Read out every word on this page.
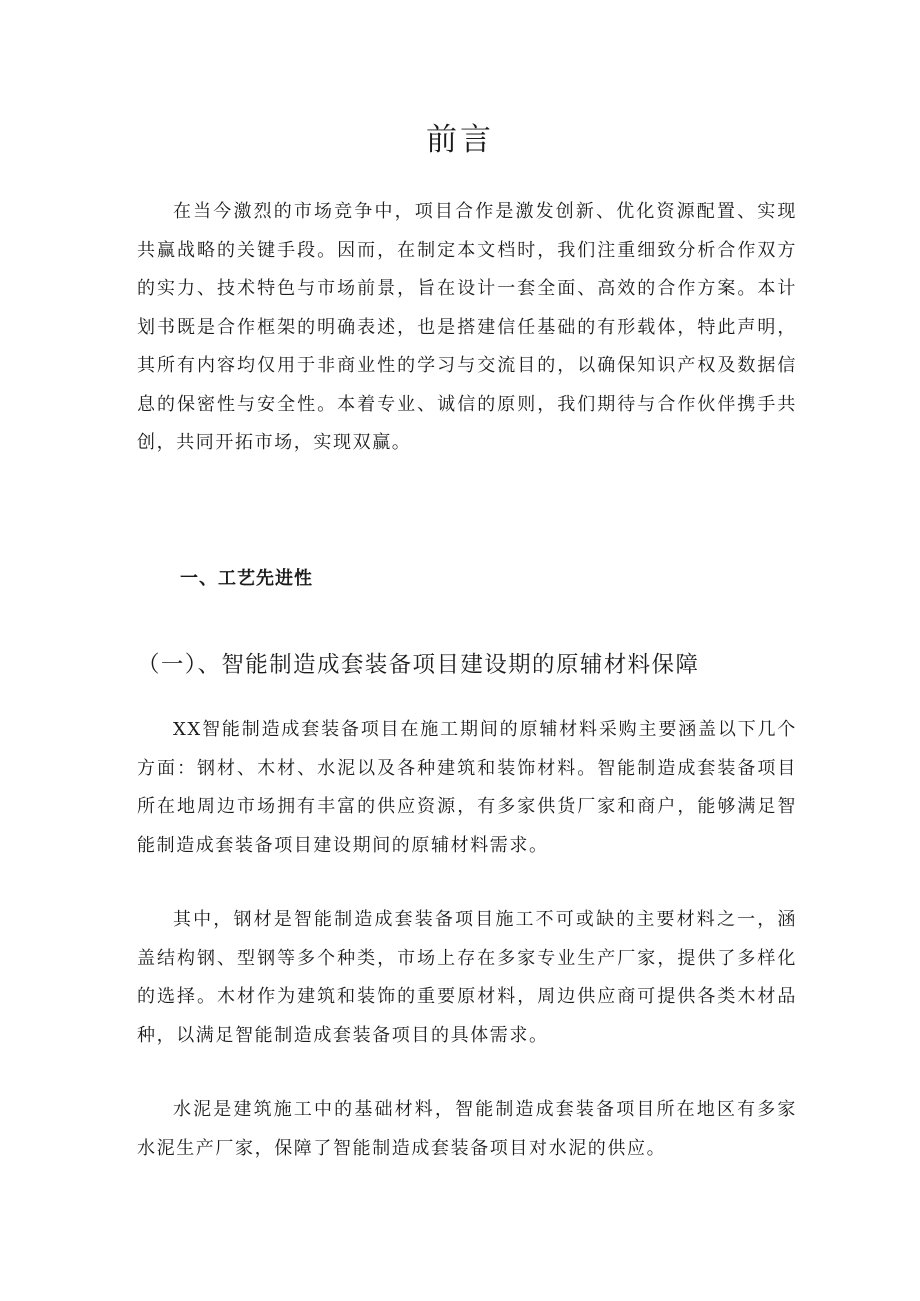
前言

在当今激烈的市场竞争中，项目合作是激发创新、优化资源配置、实现共赢战略的关键手段。因而，在制定本文档时，我们注重细致分析合作双方的实力、技术特色与市场前景，旨在设计一套全面、高效的合作方案。本计划书既是合作框架的明确表述，也是搭建信任基础的有形载体，特此声明，其所有内容均仅用于非商业性的学习与交流目的，以确保知识产权及数据信息的保密性与安全性。本着专业、诚信的原则，我们期待与合作伙伴携手共创，共同开拓市场，实现双赢。

一、工艺先进性
（一）、智能制造成套装备项目建设期的原辅材料保障

XX智能制造成套装备项目在施工期间的原辅材料采购主要涵盖以下几个方面：钢材、木材、水泥以及各种建筑和装饰材料。智能制造成套装备项目所在地周边市场拥有丰富的供应资源，有多家供货厂家和商户，能够满足智能制造成套装备项目建设期间的原辅材料需求。

其中，钢材是智能制造成套装备项目施工不可或缺的主要材料之一，涵盖结构钢、型钢等多个种类，市场上存在多家专业生产厂家，提供了多样化的选择。木材作为建筑和装饰的重要原材料，周边供应商可提供各类木材品种，以满足智能制造成套装备项目的具体需求。

水泥是建筑施工中的基础材料，智能制造成套装备项目所在地区有多家水泥生产厂家，保障了智能制造成套装备项目对水泥的供应。
